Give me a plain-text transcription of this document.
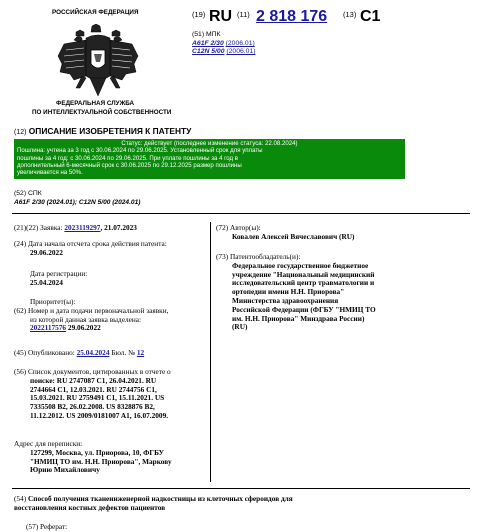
РОССИЙСКАЯ ФЕДЕРАЦИЯ
ФЕДЕРАЛЬНАЯ СЛУЖБА
ПО ИНТЕЛЛЕКТУАЛЬНОЙ СОБСТВЕННОСТИ
(19) RU (11) 2 818 176 (13) C1
(51) МПК
A61F 2/30 (2006.01)
C12N 5/00 (2006.01)
(12) ОПИСАНИЕ ИЗОБРЕТЕНИЯ К ПАТЕНТУ
Статус: действует (последнее изменение статуса: 22.08.2024)
Пошлина: учтена за 3 год с 30.06.2024 по 29.06.2025. Установленный срок для уплаты
пошлины за 4 год: с 30.06.2024 по 29.06.2025. При уплате пошлины за 4 год в
дополнительный 6-месячный срок с 30.06.2025 по 29.12.2025 размер пошлины
увеличивается на 50%.
(52) СПК
A61F 2/30 (2024.01); C12N 5/00 (2024.01)
(21)(22) Заявка: 2023119297, 21.07.2023
(24) Дата начала отсчета срока действия патента:
29.06.2022
Дата регистрации:
25.04.2024
Приоритет(ы):
(62) Номер и дата подачи первоначальной заявки,
из которой данная заявка выделена:
2022117576 29.06.2022
(45) Опубликовано: 25.04.2024 Бюл. № 12
(56) Список документов, цитированных в отчете о
поиске: RU 2747087 C1, 26.04.2021. RU
2744664 C1, 12.03.2021. RU 2744756 C1,
15.03.2021. RU 2759491 C1, 15.11.2021. US
7335508 B2, 26.02.2008. US 8328876 B2,
11.12.2012. US 2009/0181007 A1, 16.07.2009.
Адрес для переписки:
127299, Москва, ул. Приорова, 10, ФГБУ
"НМИЦ ТО им. Н.Н. Приорова", Маркову
Юрию Михайловичу
(72) Автор(ы):
Ковалев Алексей Вячеславович (RU)
(73) Патентообладатель(и):
Федеральное государственное бюджетное
учреждение "Национальный медицинский
исследовательский центр травматологии и
ортопедии имени Н.Н. Приорова"
Министерства здравоохранения
Российской Федерации (ФГБУ "НМИЦ ТО
им. Н.Н. Приорова" Минздрава России)
(RU)
(54) Способ получения тканеинженерной надкостницы из клеточных сфероидов для
восстановления костных дефектов пациентов
(57) Реферат:
